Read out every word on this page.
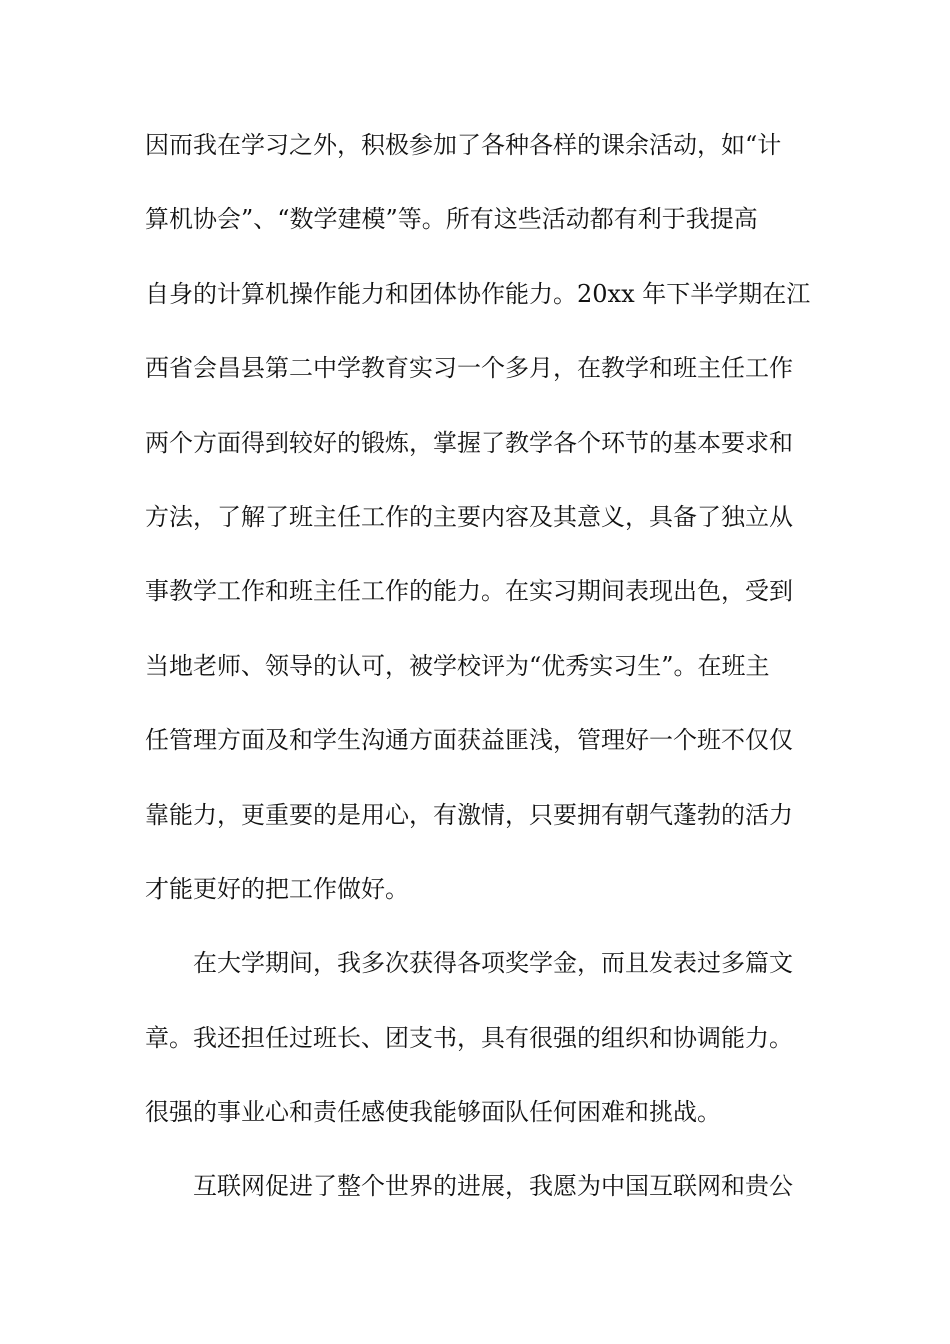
因而我在学习之外，积极参加了各种各样的课余活动，如“计
算机协会”、“数学建模”等。所有这些活动都有利于我提高
自身的计算机操作能力和团体协作能力。20xx 年下半学期在江
西省会昌县第二中学教育实习一个多月，在教学和班主任工作
两个方面得到较好的锻炼，掌握了教学各个环节的基本要求和
方法，了解了班主任工作的主要内容及其意义，具备了独立从
事教学工作和班主任工作的能力。在实习期间表现出色，受到
当地老师、领导的认可，被学校评为“优秀实习生”。在班主
任管理方面及和学生沟通方面获益匪浅，管理好一个班不仅仅
靠能力，更重要的是用心，有激情，只要拥有朝气蓬勃的活力
才能更好的把工作做好。
　　在大学期间，我多次获得各项奖学金，而且发表过多篇文
章。我还担任过班长、团支书，具有很强的组织和协调能力。
很强的事业心和责任感使我能够面队任何困难和挑战。
　　互联网促进了整个世界的进展，我愿为中国互联网和贵公
